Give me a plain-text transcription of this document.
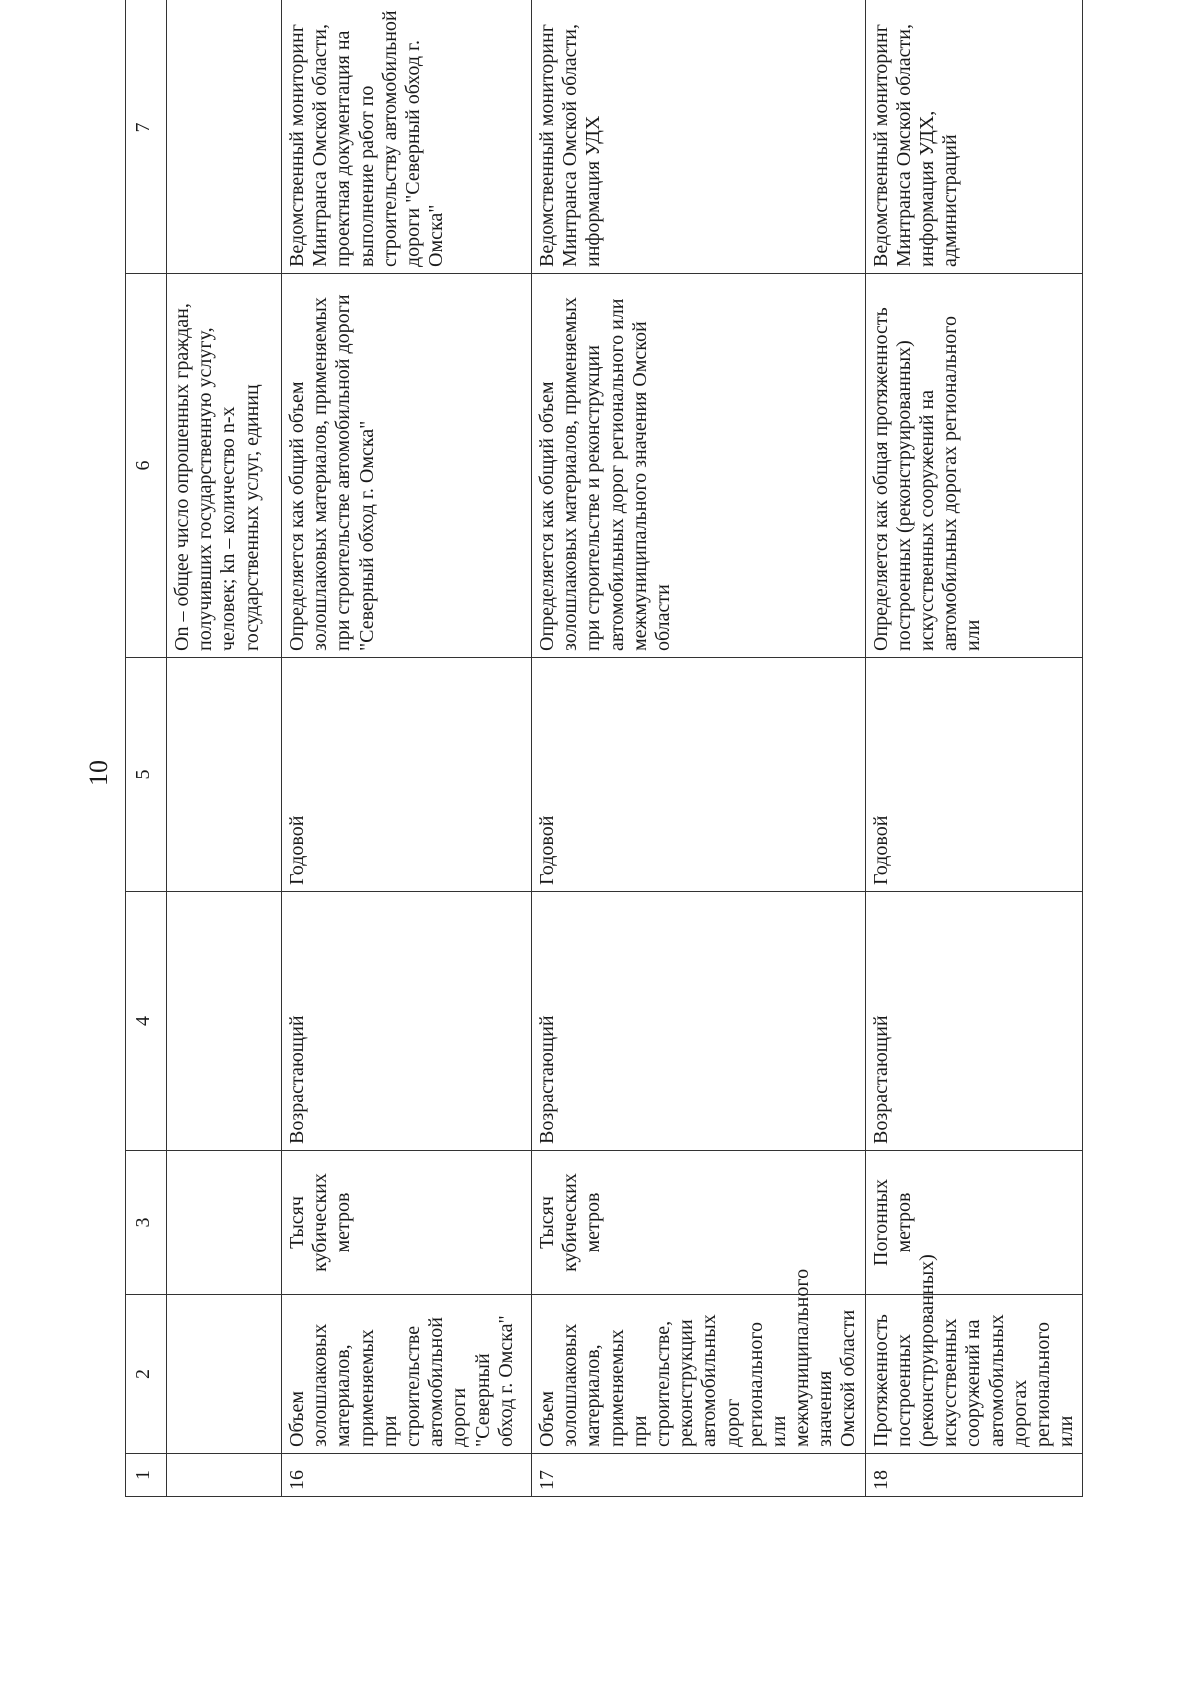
10
1	2	3	4	5	6	7
					Оn – общее число опрошенных граждан, получивших государственную услугу, человек; kn – количество n-х государственных услуг, единиц	
16	Объем золошлаковых материалов, применяемых при строительстве автомобильной дороги "Северный обход г. Омска"	Тысяч кубических метров	Возрастающий	Годовой	Определяется как общий объем золошлаковых материалов, применяемых при строительстве автомобильной дороги "Северный обход г. Омска"	Ведомственный мониторинг Минтранса Омской области, проектная документация на выполнение работ по строительству автомобильной дороги "Северный обход г. Омска"
17	Объем золошлаковых материалов, применяемых при строительстве, реконструкции автомобильных дорог регионального или межмуниципального значения Омской области	Тысяч кубических метров	Возрастающий	Годовой	Определяется как общий объем золошлаковых материалов, применяемых при строительстве и реконструкции автомобильных дорог регионального или межмуниципального значения Омской области	Ведомственный мониторинг Минтранса Омской области, информация УДХ
18	Протяженность построенных (реконструированных) искусственных сооружений на автомобильных дорогах регионального или	Погонных метров	Возрастающий	Годовой	Определяется как общая протяженность построенных (реконструированных) искусственных сооружений на автомобильных дорогах регионального или	Ведомственный мониторинг Минтранса Омской области, информация УДХ, администраций
